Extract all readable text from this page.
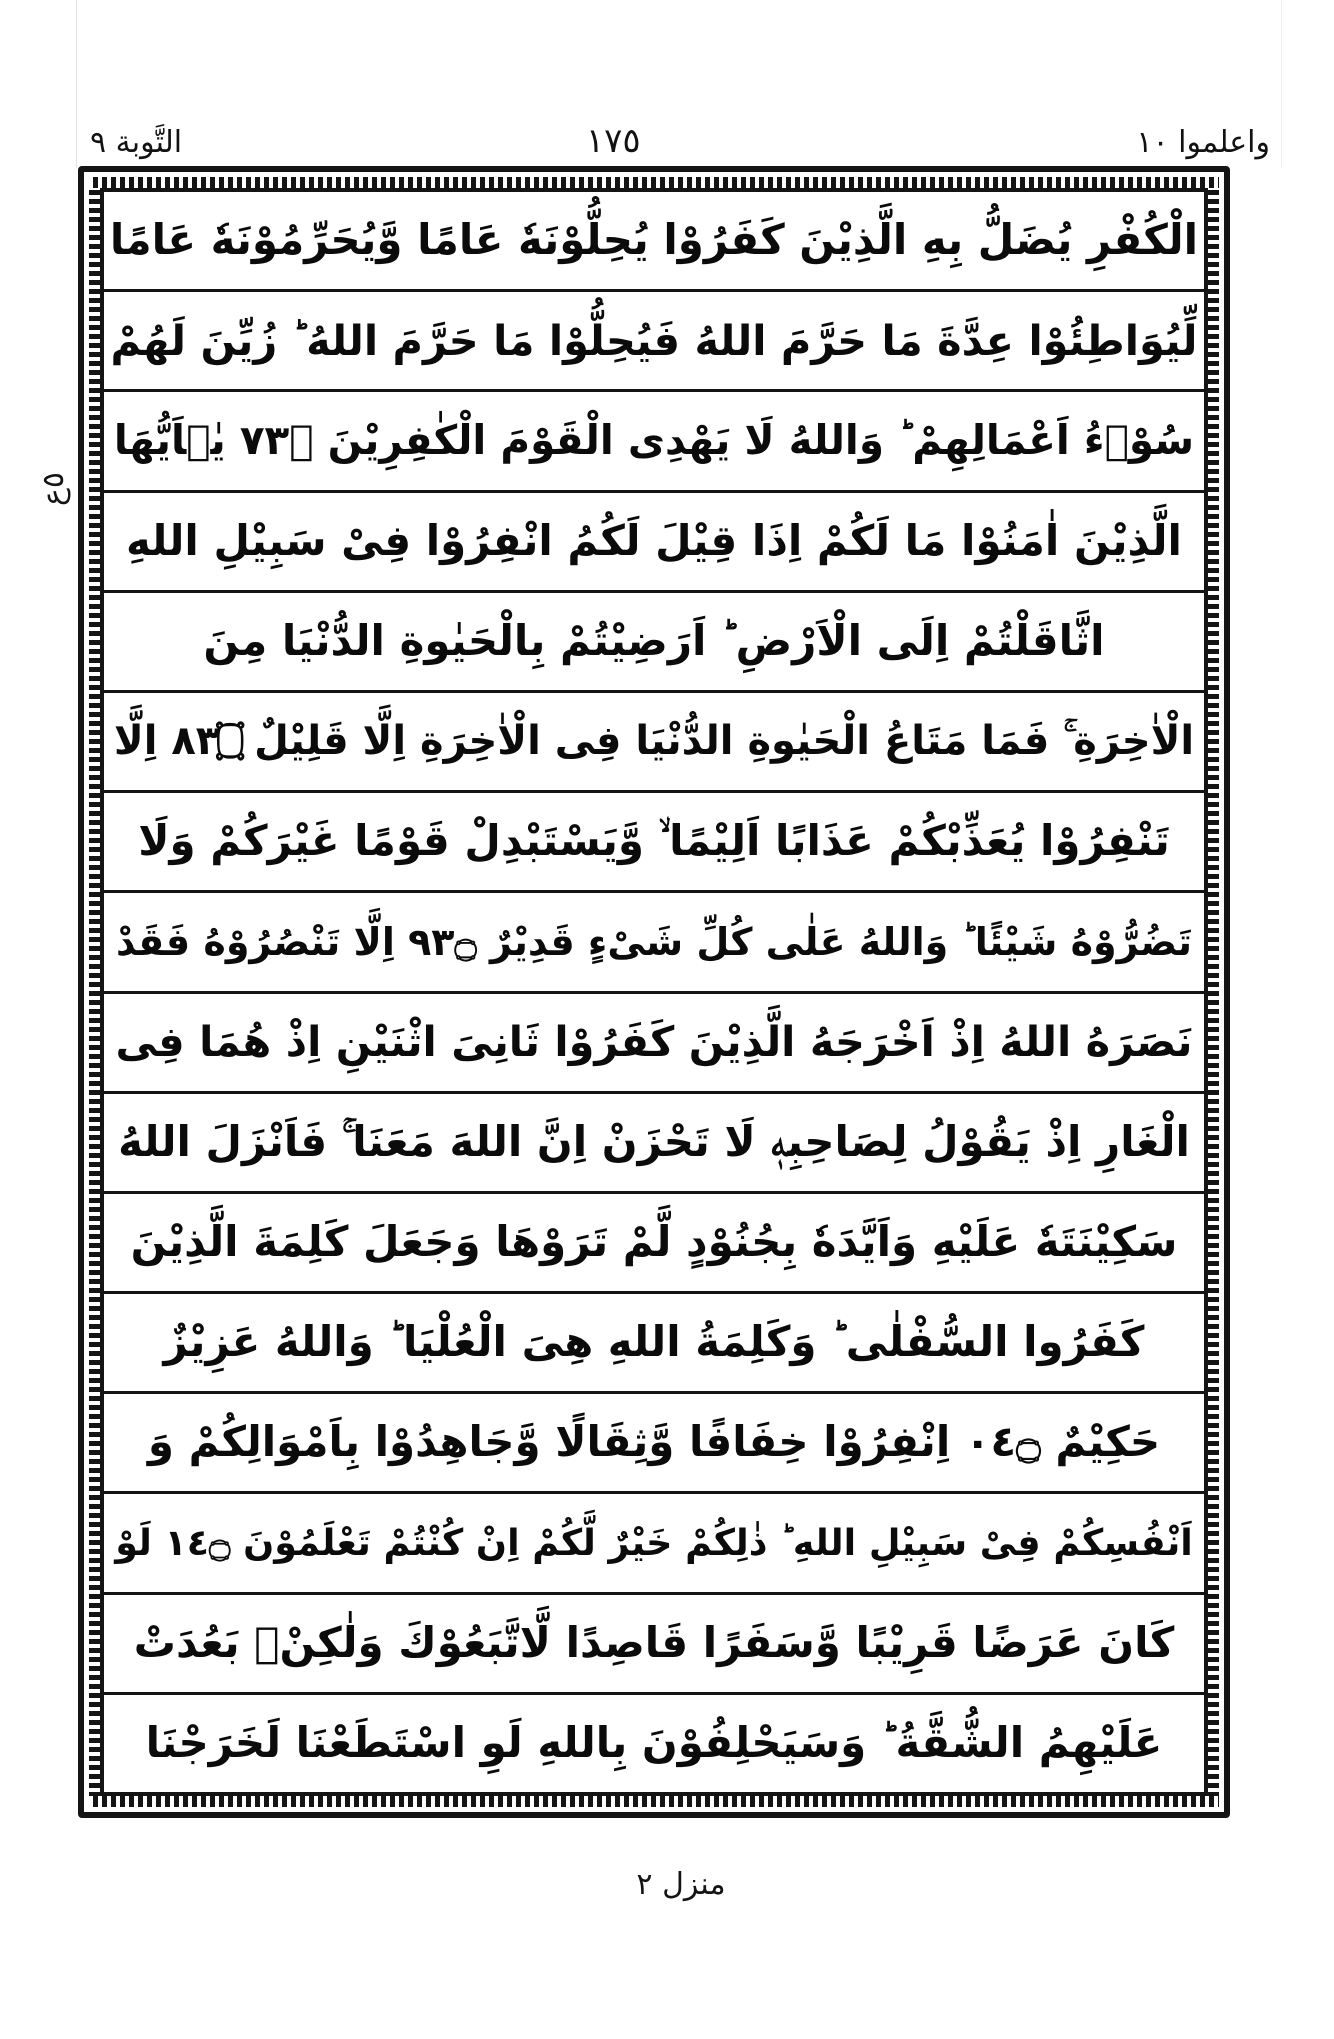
واعلموا ١٠
١٧٥
التَّوبة ٩
٥ع
الْكُفْرِ يُضَلُّ بِهِ الَّذِيْنَ كَفَرُوْا يُحِلُّوْنَهٗ عَامًا وَّيُحَرِّمُوْنَهٗ عَامًا
لِّيُوَاطِئُوْا عِدَّةَ مَا حَرَّمَ اللهُ فَيُحِلُّوْا مَا حَرَّمَ اللهُ ؕ زُيِّنَ لَهُمْ
سُوْۤءُ اَعْمَالِهِمْ ؕ وَاللهُ لَا يَهْدِى الْقَوْمَ الْكٰفِرِيْنَ ۝٣٧ يٰۤاَيُّهَا
الَّذِيْنَ اٰمَنُوْا مَا لَكُمْ اِذَا قِيْلَ لَكُمُ انْفِرُوْا فِىْ سَبِيْلِ اللهِ
اثَّاقَلْتُمْ اِلَى الْاَرْضِ ؕ اَرَضِيْتُمْ بِالْحَيٰوةِ الدُّنْيَا مِنَ
الْاٰخِرَةِ ۚ فَمَا مَتَاعُ الْحَيٰوةِ الدُّنْيَا فِى الْاٰخِرَةِ اِلَّا قَلِيْلٌ ۝٣٨ اِلَّا
تَنْفِرُوْا يُعَذِّبْكُمْ عَذَابًا اَلِيْمًا ۙ وَّيَسْتَبْدِلْ قَوْمًا غَيْرَكُمْ وَلَا
تَضُرُّوْهُ شَيْئًا ؕ وَاللهُ عَلٰى كُلِّ شَىْءٍ قَدِيْرٌ ۝٣٩ اِلَّا تَنْصُرُوْهُ فَقَدْ
نَصَرَهُ اللهُ اِذْ اَخْرَجَهُ الَّذِيْنَ كَفَرُوْا ثَانِىَ اثْنَيْنِ اِذْ هُمَا فِى
الْغَارِ اِذْ يَقُوْلُ لِصَاحِبِهٖ لَا تَحْزَنْ اِنَّ اللهَ مَعَنَا ۚ فَاَنْزَلَ اللهُ
سَكِيْنَتَهٗ عَلَيْهِ وَاَيَّدَهٗ بِجُنُوْدٍ لَّمْ تَرَوْهَا وَجَعَلَ كَلِمَةَ الَّذِيْنَ
كَفَرُوا السُّفْلٰى ؕ وَكَلِمَةُ اللهِ هِىَ الْعُلْيَا ؕ وَاللهُ عَزِيْزٌ
حَكِيْمٌ ۝٤٠ اِنْفِرُوْا خِفَافًا وَّثِقَالًا وَّجَاهِدُوْا بِاَمْوَالِكُمْ وَ
اَنْفُسِكُمْ فِىْ سَبِيْلِ اللهِ ؕ ذٰلِكُمْ خَيْرٌ لَّكُمْ اِنْ كُنْتُمْ تَعْلَمُوْنَ ۝٤١ لَوْ
كَانَ عَرَضًا قَرِيْبًا وَّسَفَرًا قَاصِدًا لَّاتَّبَعُوْكَ وَلٰكِنْۢ بَعُدَتْ
عَلَيْهِمُ الشُّقَّةُ ؕ وَسَيَحْلِفُوْنَ بِاللهِ لَوِ اسْتَطَعْنَا لَخَرَجْنَا
منزل ٢
